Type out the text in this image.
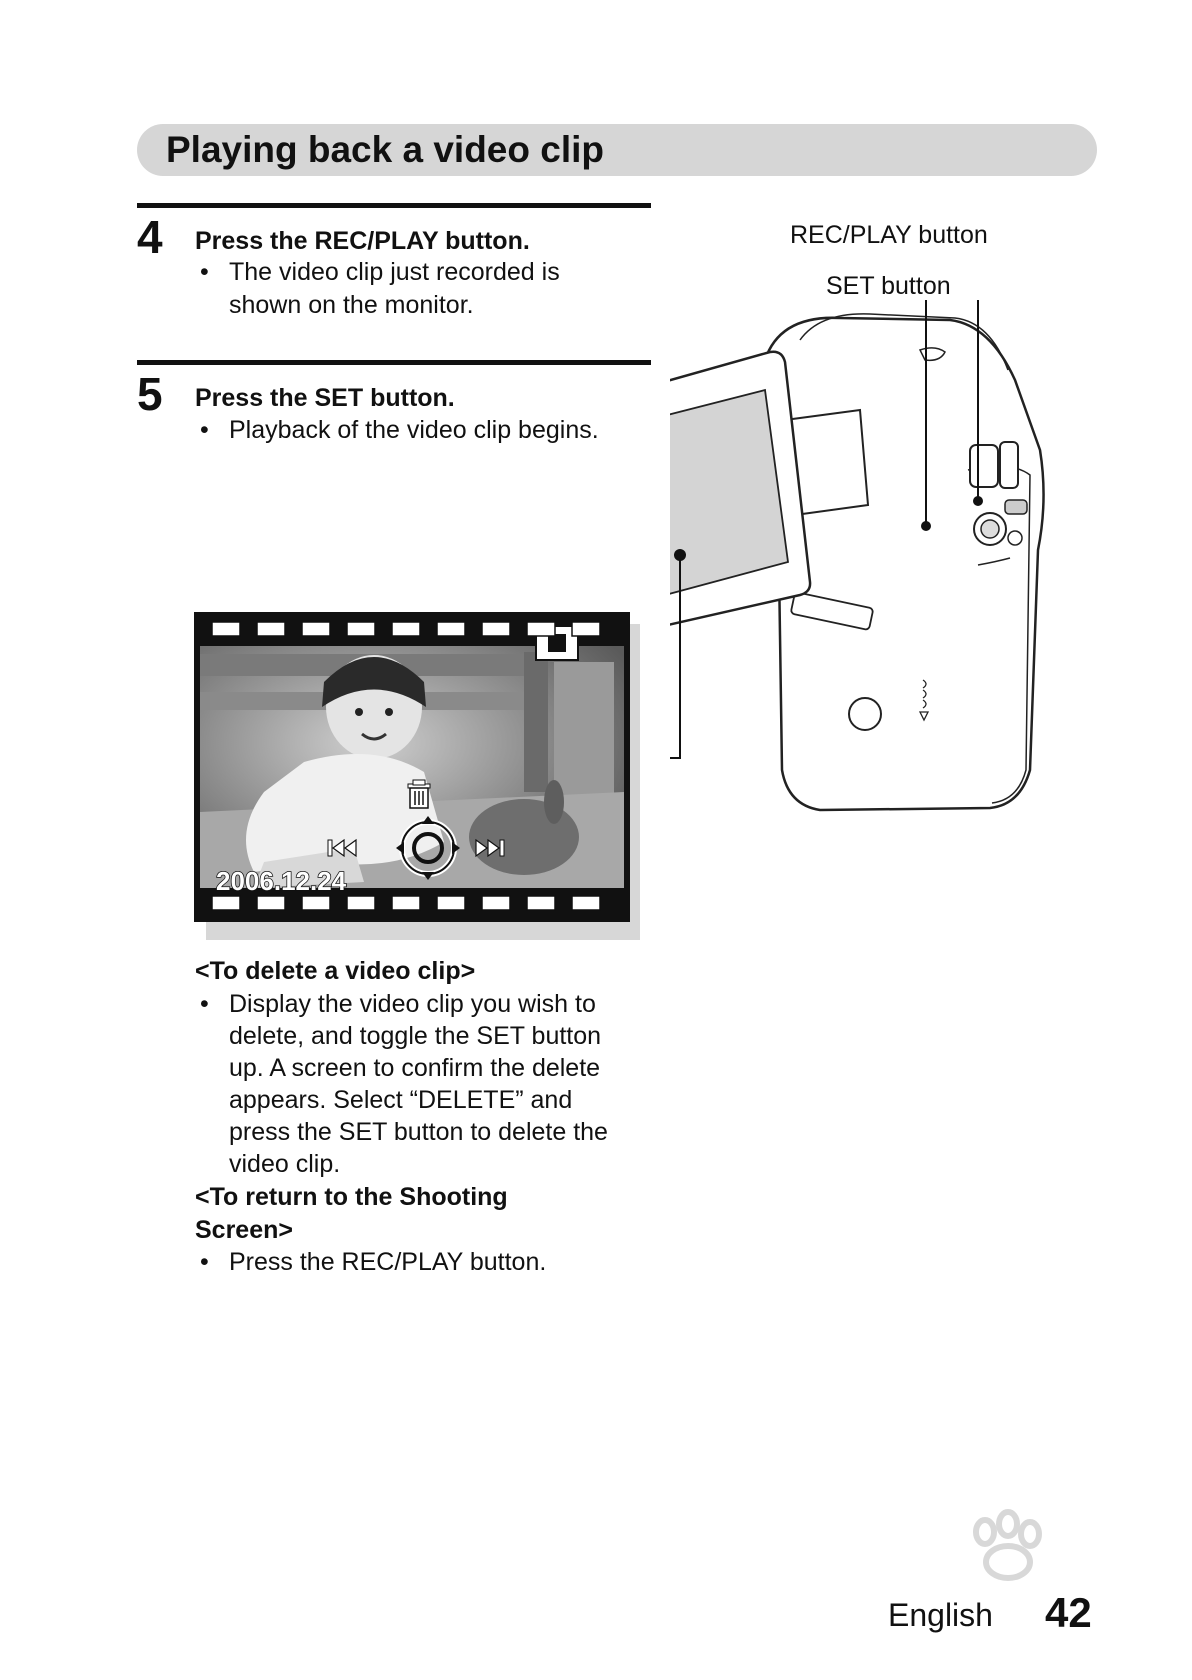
Playing back a video clip
4 Press the REC/PLAY button.
• The video clip just recorded is
shown on the monitor.
5 Press the SET button.
• Playback of the video clip begins.
REC/PLAY button
SET button
2006.12.24
<To delete a video clip>
• Display the video clip you wish to
delete, and toggle the SET button
up. A screen to confirm the delete
appears. Select “DELETE” and
press the SET button to delete the
video clip.
<To return to the Shooting
Screen>
• Press the REC/PLAY button.
English 42
